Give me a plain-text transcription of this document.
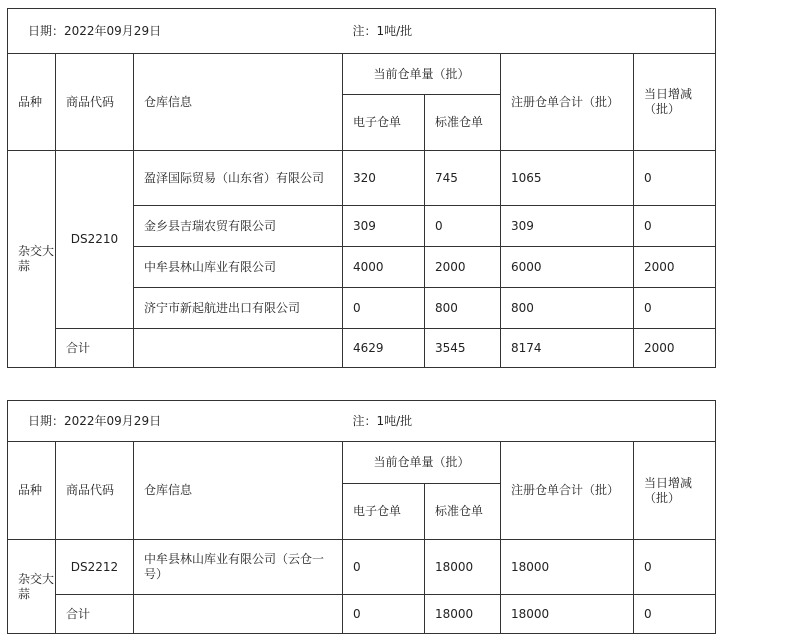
日期：2022年09月29日			注：1吨/批			
品种	商品代码	仓库信息	当前仓单量（批）		注册仓单合计（批）	当日增减（批）
			电子仓单	标准仓单		
杂交大蒜	DS2210	盈泽国际贸易（山东省）有限公司	320	745	1065	0
		金乡县吉瑞农贸有限公司	309	0	309	0
		中牟县林山库业有限公司	4000	2000	6000	2000
		济宁市新起航进出口有限公司	0	800	800	0
	合计		4629	3545	8174	2000
日期：2022年09月29日			注：1吨/批			
品种	商品代码	仓库信息	当前仓单量（批）		注册仓单合计（批）	当日增减（批）
			电子仓单	标准仓单		
杂交大蒜	DS2212	中牟县林山库业有限公司（云仓一号）	0	18000	18000	0
	合计		0	18000	18000	0
